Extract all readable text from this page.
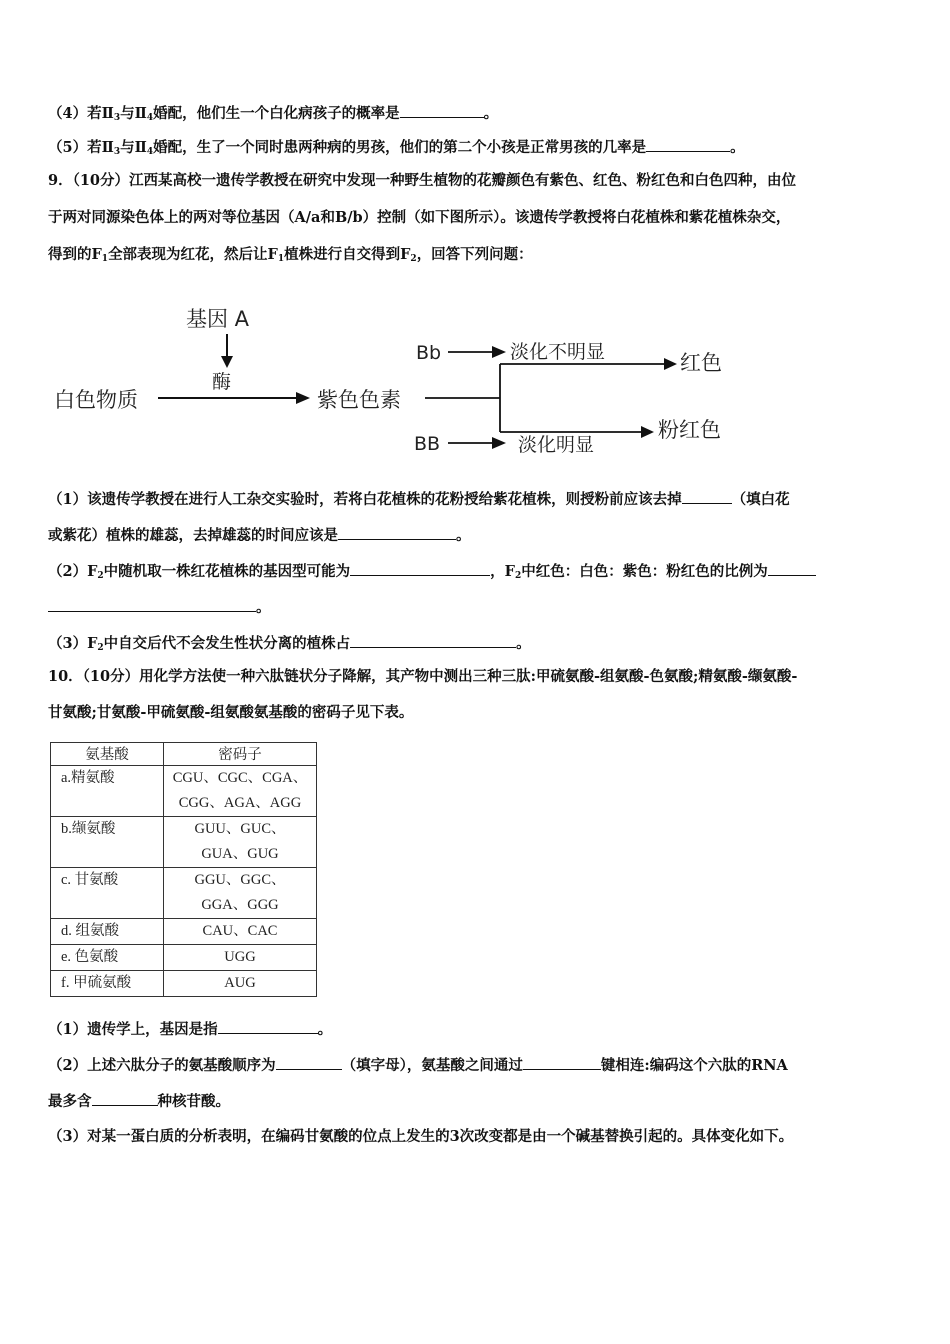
（4）若$Ⅱ_3$与$Ⅱ_4$婚配，他们生一个白化病孩子的概率是	。
（5）若$Ⅱ_3$与$Ⅱ_4$婚配，生了一个同时患两种病的男孩，他们的第二个小孩是正常男孩的几率是	。
9．（10分）江西某高校一遗传学教授在研究中发现一种野生植物的花瓣颜色有紫色、红色、粉红色和白色四种，由位
于两对同源染色体上的两对等位基因（A/a和B/b）控制（如下图所示）。该遗传学教授将白花植株和紫花植株杂交，
得到的$F_1$全部表现为红花，然后让$F_1$植株进行自交得到$F_2$，回答下列问题：
基因 A
酶
白色物质	紫色色素
Bb	淡化不明显	红色
BB	淡化明显
粉红色
（1）该遗传学教授在进行人工杂交实验时，若将白花植株的花粉授给紫花植株，则授粉前应该去掉	（填白花
或紫花）植株的雄蕊，去掉雄蕊的时间应该是	。
$(2)F_2$中随机取一株红花植株的基因型可能为	，$F_2$中红色：白色：紫色：粉红色的比例为
。
$(3)F_2$中自交后代不会发生性状分离的植株占	。
10．（10分）用化学方法使一种六肽链状分子降解，其产物中测出三种三肽:甲硫氨酸-组氨酸-色氨酸;精氨酸-缬氨酸-
甘氨酸;甘氨酸-甲硫氨酸-组氨酸氨基酸的密码子见下表。
氨基酸	密码子
a.精氨酸	CGU、CGC、CGA、
CGG、AGA、AGG

b.缬氨酸	GUU、GUC、
GUA、GUG

c. 甘氨酸	GGU、GGC、
GGA、GGG

d. 组氨酸	CAU、CAC

e. 色氨酸	UGG

f. 甲硫氨酸	AUG
（1）遗传学上，基因是指	。
（2）上述六肽分子的氨基酸顺序为	（填字母），氨基酸之间通过	键相连:编码这个六肽的RNA
最多含	种核苷酸。
（3）对某一蛋白质的分析表明，在编码甘氨酸的位点上发生的3次改变都是由一个碱基替换引起的。具体变化如下。
